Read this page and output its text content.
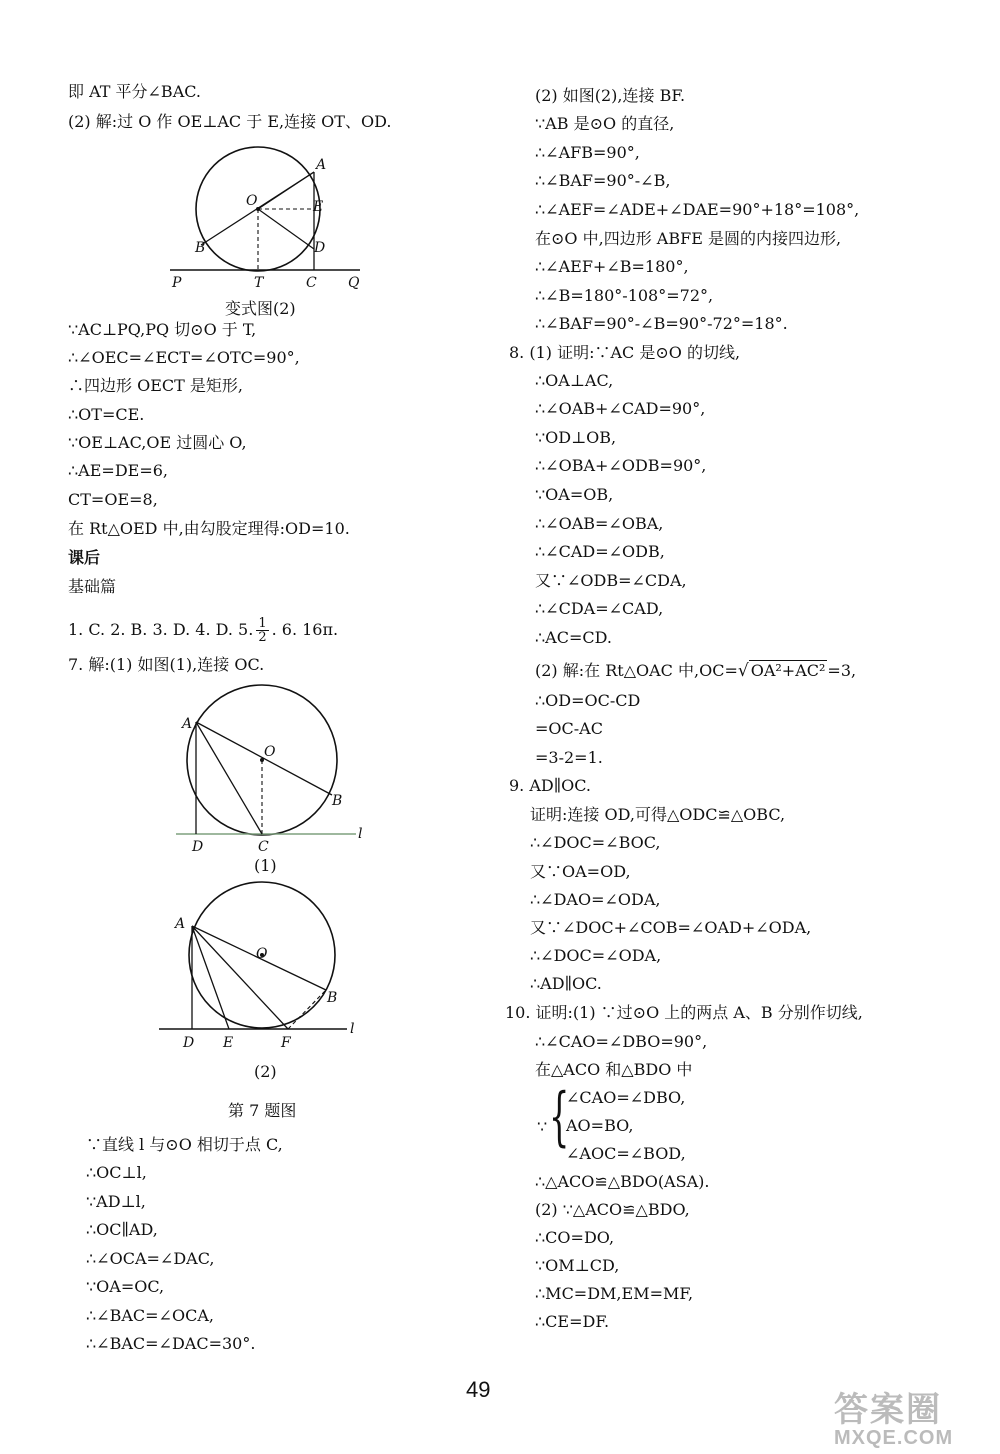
即 AT 平分∠BAC.
(2) 解:过 O 作 OE⊥AC 于 E,连接 OT、OD.
A
O	E
B	D
P	T	C Q
变式图(2)
∵AC⊥PQ,PQ 切⊙O 于 T,
∴∠OEC=∠ECT=∠OTC=90°,
∴四边形 OECT 是矩形,
∴OT=CE.
∵OE⊥AC,OE 过圆心 O,
∴AE=DE=6,
CT=OE=8,
在 Rt△OED 中,由勾股定理得:OD=10.
课后
基础篇
1. C. 2. B. 3. D. 4. D. 5. $\frac{1}{2}$ . 6. 16π.
7. 解:(1) 如图(1),连接 OC.
A
O
B
D	C
l
(1)
A
O
B
D E	F
l
(2)
第 7 题图
∵直线 l 与⊙O 相切于点 C,
∴OC⊥l,
∵AD⊥l,
∴OC∥AD,
∴∠OCA=∠DAC,
∵OA=OC,
∴∠BAC=∠OCA,
∴∠BAC=∠DAC=30°.
(2) 如图(2),连接 BF.
∵AB 是⊙O 的直径,
∴∠AFB=90°,
∴∠BAF=90°-∠B,
∴∠AEF=∠ADE+∠DAE=90°+18°=108°,
在⊙O 中,四边形 ABFE 是圆的内接四边形,
∴∠AEF+∠B=180°,
∴∠B=180°-108°=72°,
∴∠BAF=90°-∠B=90°-72°=18°.
8. (1) 证明:∵AC 是⊙O 的切线,
∴OA⊥AC,
∴∠OAB+∠CAD=90°,
∵OD⊥OB,
∴∠OBA+∠ODB=90°,
∵OA=OB,
∴∠OAB=∠OBA,
∴∠CAD=∠ODB,
又∵∠ODB=∠CDA,
∴∠CDA=∠CAD,
∴AC=CD.
(2) 解:在 Rt△OAC 中,OC=√ OA²+AC² =3,
∴OD=OC-CD
=OC-AC
=3-2=1.
9. AD∥OC.
证明:连接 OD,可得△ODC≌△OBC,
∴∠DOC=∠BOC,
又∵OA=OD,
∴∠DAO=∠ODA,
又∵∠DOC+∠COB=∠OAD+∠ODA,
∴∠DOC=∠ODA,
∴AD∥OC.
10. 证明:(1) ∵过⊙O 上的两点 A、B 分别作切线,
∴∠CAO=∠DBO=90°,
在△ACO 和△BDO 中
∵ {
∠CAO=∠DBO,
AO=BO,
∠AOC=∠BOD,
∴△ACO≌△BDO(ASA).
(2) ∵△ACO≌△BDO,
∴CO=DO,
∵OM⊥CD,
∴MC=DM,EM=MF,
∴CE=DF.
49
答案圈
MXQE.COM
